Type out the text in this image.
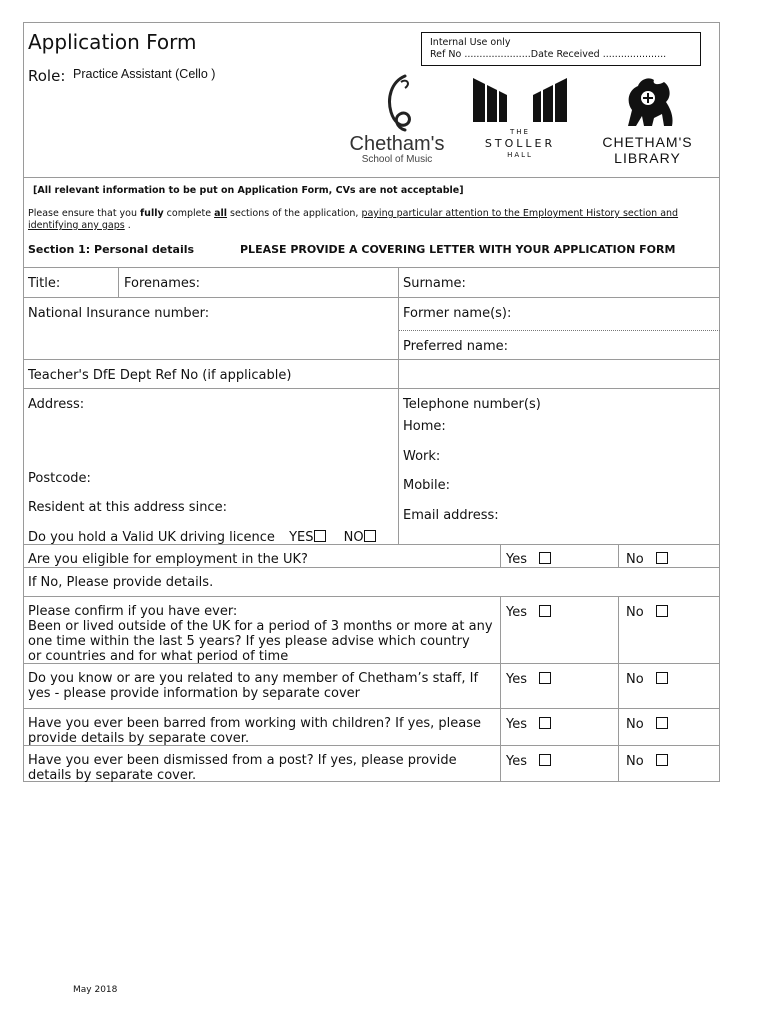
Application Form
Role: Practice Assistant (Cello )
Internal Use only
Ref No ......................Date Received .....................
Chetham's
School of Music
THE
STOLLER
HALL
CHETHAM'S
LIBRARY
[All relevant information to be put on Application Form, CVs are not acceptable]
Please ensure that you fully complete all sections of the application, paying particular attention to the Employment History section and identifying any gaps .
Section 1: Personal details	PLEASE PROVIDE A COVERING LETTER WITH YOUR APPLICATION FORM
Title:	Forenames:	Surname:
National Insurance number:	Former name(s):
Preferred name:
Teacher's DfE Dept Ref No (if applicable)
Address:	Telephone number(s)
Home:
Work:
Postcode:	Mobile:
Resident at this address since:
Email address:
Do you hold a Valid UK driving licence YES NO
Are you eligible for employment in the UK?	Yes	No
If No, Please provide details.
Please confirm if you have ever:
Been or lived outside of the UK for a period of 3 months or more at any
one time within the last 5 years? If yes please advise which country
or countries and for what period of time
Yes	No
Do you know or are you related to any member of Chetham’s staff, If
yes - please provide information by separate cover
Yes	No
Have you ever been barred from working with children? If yes, please
provide details by separate cover.
Yes	No
Have you ever been dismissed from a post? If yes, please provide
details by separate cover.
Yes	No
May 2018
